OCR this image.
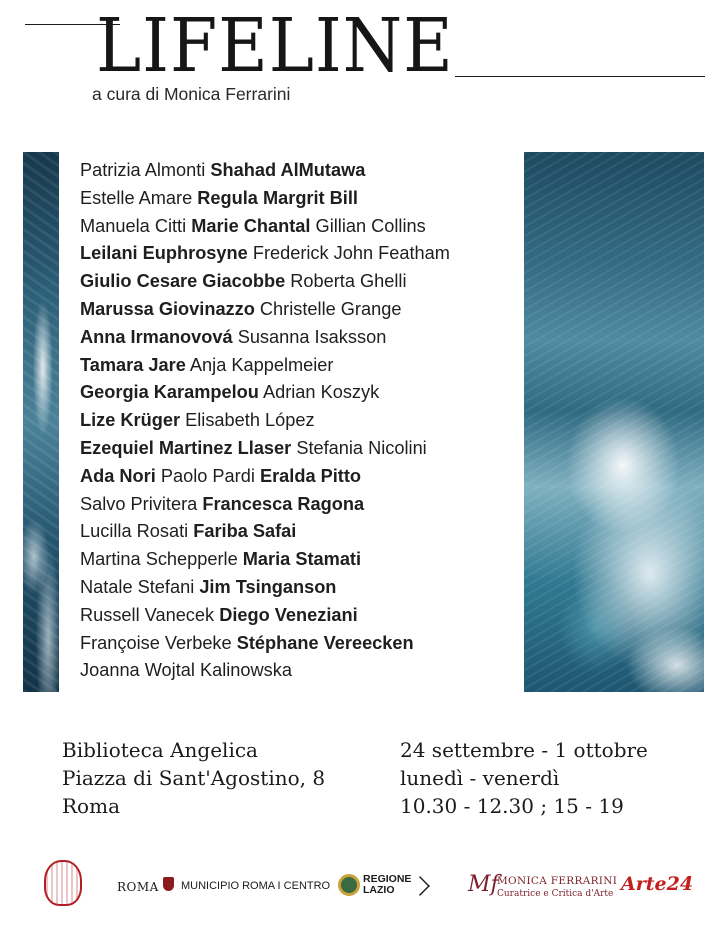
LIFELINE
a cura di Monica Ferrarini
Patrizia Almonti Shahad AlMutawa
Estelle Amare Regula Margrit Bill
Manuela Citti Marie Chantal Gillian Collins
Leilani Euphrosyne Frederick John Featham
Giulio Cesare Giacobbe Roberta Ghelli
Marussa Giovinazzo Christelle Grange
Anna Irmanovová Susanna Isaksson
Tamara Jare Anja Kappelmeier
Georgia Karampelou Adrian Koszyk
Lize Krüger Elisabeth López
Ezequiel Martinez Llaser Stefania Nicolini
Ada Nori Paolo Pardi Eralda Pitto
Salvo Privitera Francesca Ragona
Lucilla Rosati Fariba Safai
Martina Schepperle Maria Stamati
Natale Stefani Jim Tsinganson
Russell Vanecek Diego Veneziani
Françoise Verbeke Stéphane Vereecken
Joanna Wojtal Kalinowska
Biblioteca Angelica
Piazza di Sant'Agostino, 8
Roma
24 settembre - 1 ottobre
lunedì - venerdì
10.30 - 12.30 ; 15 - 19
ROMA MUNICIPIO ROMA I CENTRO
REGIONE
LAZIO	Mf
MONICA FERRARINI
Curatrice e Critica d'Arte Arte24
